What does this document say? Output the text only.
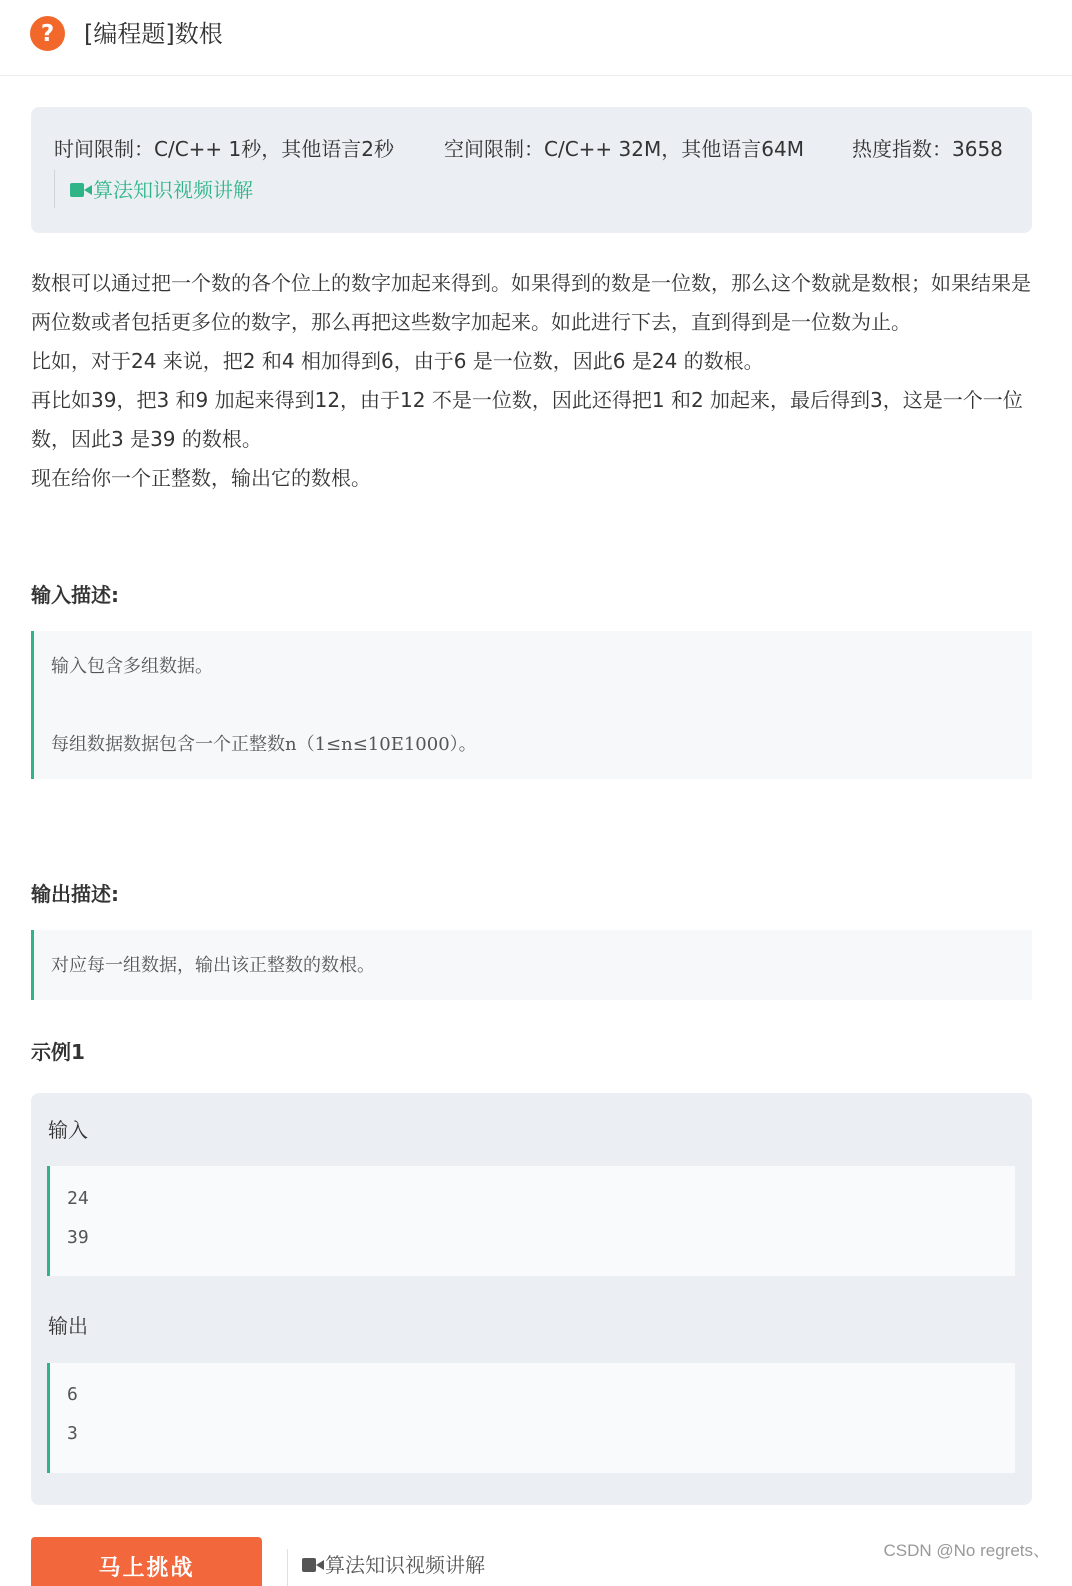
?	[编程题]数根
时间限制：C/C++ 1秒，其他语言2秒	空间限制：C/C++ 32M，其他语言64M 热度指数：3658
算法知识视频讲解

数根可以通过把一个数的各个位上的数字加起来得到。如果得到的数是一位数，那么这个数就是数根；如果结果是两位数或者包括更多位的数字，那么再把这些数字加起来。如此进行下去，直到得到是一位数为止。

比如，对于24 来说，把2 和4 相加得到6，由于6 是一位数，因此6 是24 的数根。

再比如39，把3 和9 加起来得到12，由于12 不是一位数，因此还得把1 和2 加起来，最后得到3，这是一个一位数，因此3 是39 的数根。

现在给你一个正整数，输出它的数根。

输入描述:
输入包含多组数据。
每组数据数据包含一个正整数n（1≤n≤10E1000）。
输出描述:
对应每一组数据，输出该正整数的数根。
示例1
输入
24
39
输出
6
3
马上挑战	算法知识视频讲解
CSDN @No regrets、
